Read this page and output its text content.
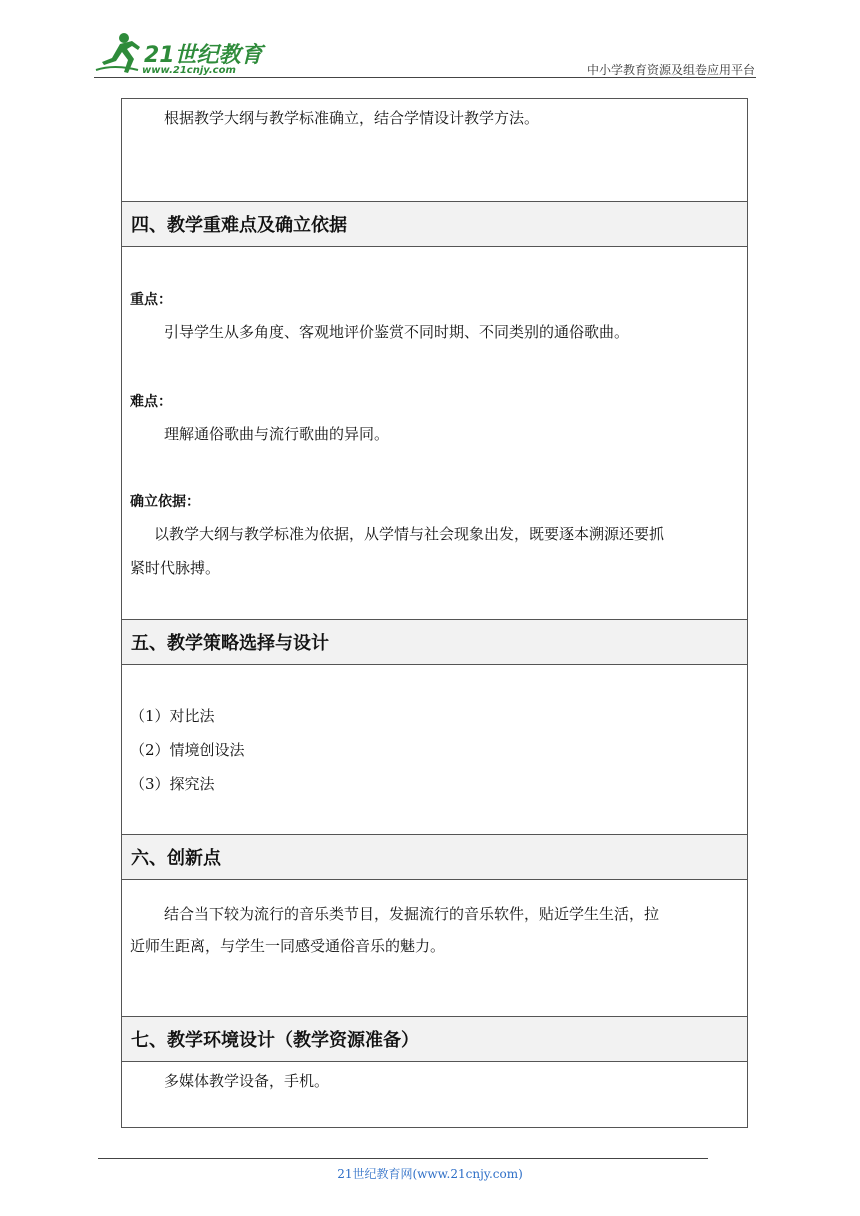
21世纪教育
www.21cnjy.com	中小学教育资源及组卷应用平台
根据教学大纲与教学标准确立，结合学情设计教学方法。
四、教学重难点及确立依据
重点：
引导学生从多角度、客观地评价鉴赏不同时期、不同类别的通俗歌曲。
难点：
理解通俗歌曲与流行歌曲的异同。
确立依据：
以教学大纲与教学标准为依据，从学情与社会现象出发，既要逐本溯源还要抓
紧时代脉搏。
五、教学策略选择与设计
（1）对比法
（2）情境创设法
（3）探究法
六、创新点
结合当下较为流行的音乐类节目，发掘流行的音乐软件，贴近学生生活，拉
近师生距离，与学生一同感受通俗音乐的魅力。
七、教学环境设计（教学资源准备）
多媒体教学设备，手机。
21世纪教育网(www.21cnjy.com)
